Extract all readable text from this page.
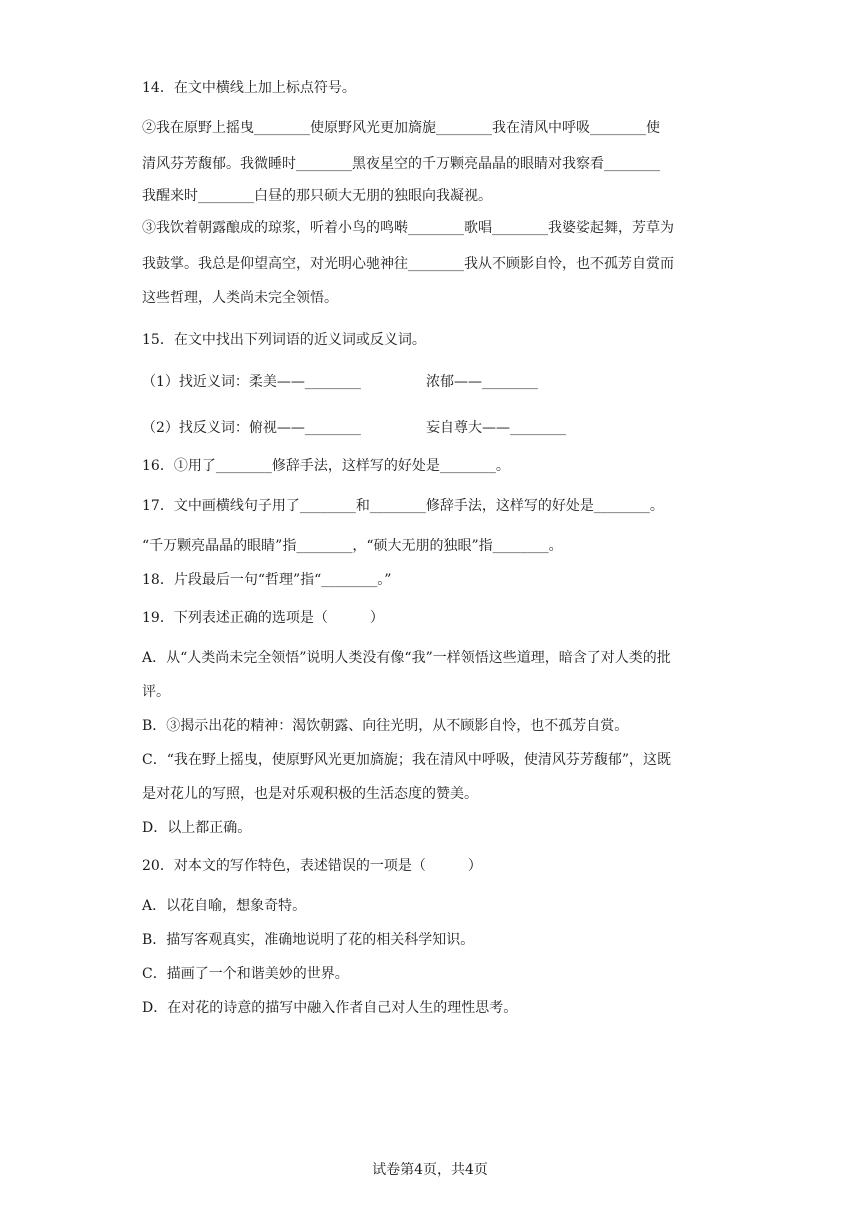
14．在文中横线上加上标点符号。
②我在原野上摇曳________使原野风光更加旖旎________我在清风中呼吸________使
清风芬芳馥郁。我微睡时________黑夜星空的千万颗亮晶晶的眼睛对我察看________
我醒来时________白昼的那只硕大无朋的独眼向我凝视。
③我饮着朝露酿成的琼浆，听着小鸟的鸣啭________歌唱________我婆娑起舞，芳草为
我鼓掌。我总是仰望高空，对光明心驰神往________我从不顾影自怜，也不孤芳自赏而
这些哲理，人类尚未完全领悟。
15．在文中找出下列词语的近义词或反义词。
（1）找近义词：柔美——________	浓郁——________
（2）找反义词：俯视——________	妄自尊大——________
16．①用了________修辞手法，这样写的好处是________。
17．文中画横线句子用了________和________修辞手法，这样写的好处是________。
“千万颗亮晶晶的眼睛”指________，“硕大无朋的独眼”指________。
18．片段最后一句“哲理”指“________。”
19．下列表述正确的选项是（　　　）
A．从“人类尚未完全领悟”说明人类没有像“我”一样领悟这些道理，暗含了对人类的批
评。
B．③揭示出花的精神：渴饮朝露、向往光明，从不顾影自怜，也不孤芳自赏。
C．“我在野上摇曳，使原野风光更加旖旎；我在清风中呼吸，使清风芬芳馥郁”，这既
是对花儿的写照，也是对乐观积极的生活态度的赞美。
D．以上都正确。
20．对本文的写作特色，表述错误的一项是（　　　）
A．以花自喻，想象奇特。
B．描写客观真实，准确地说明了花的相关科学知识。
C．描画了一个和谐美妙的世界。
D．在对花的诗意的描写中融入作者自己对人生的理性思考。
试卷第4页，共4页
